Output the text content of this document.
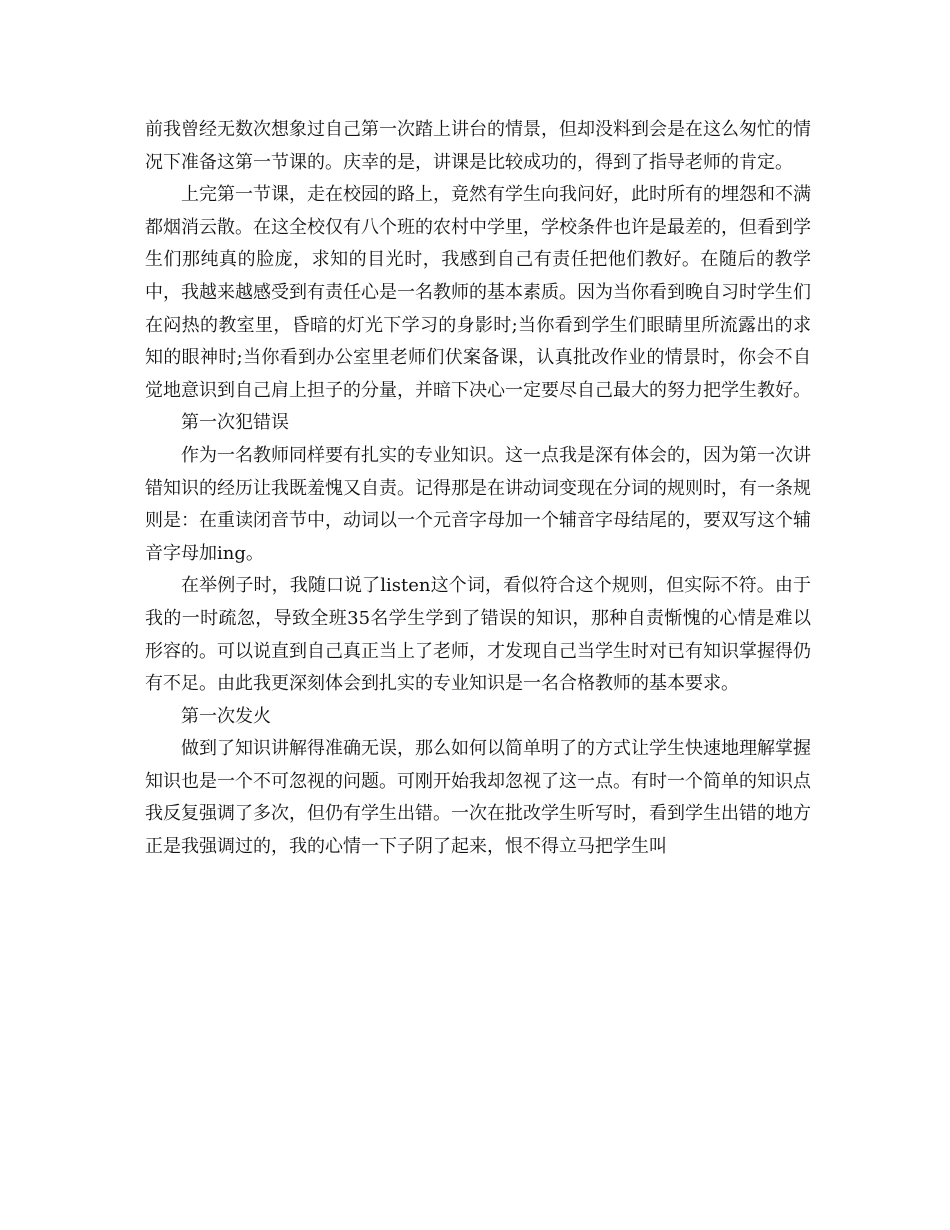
前我曾经无数次想象过自己第一次踏上讲台的情景，但却没料到会是在这么匆忙的情况下准备这第一节课的。庆幸的是，讲课是比较成功的，得到了指导老师的肯定。

上完第一节课，走在校园的路上，竟然有学生向我问好，此时所有的埋怨和不满都烟消云散。在这全校仅有八个班的农村中学里，学校条件也许是最差的，但看到学生们那纯真的脸庞，求知的目光时，我感到自己有责任把他们教好。在随后的教学中，我越来越感受到有责任心是一名教师的基本素质。因为当你看到晚自习时学生们在闷热的教室里，昏暗的灯光下学习的身影时;当你看到学生们眼睛里所流露出的求知的眼神时;当你看到办公室里老师们伏案备课，认真批改作业的情景时，你会不自觉地意识到自己肩上担子的分量，并暗下决心一定要尽自己最大的努力把学生教好。

第一次犯错误

作为一名教师同样要有扎实的专业知识。这一点我是深有体会的，因为第一次讲错知识的经历让我既羞愧又自责。记得那是在讲动词变现在分词的规则时，有一条规则是：在重读闭音节中，动词以一个元音字母加一个辅音字母结尾的，要双写这个辅音字母加ing。

在举例子时，我随口说了listen这个词，看似符合这个规则，但实际不符。由于我的一时疏忽，导致全班35名学生学到了错误的知识，那种自责惭愧的心情是难以形容的。可以说直到自己真正当上了老师，才发现自己当学生时对已有知识掌握得仍有不足。由此我更深刻体会到扎实的专业知识是一名合格教师的基本要求。

第一次发火

做到了知识讲解得准确无误，那么如何以简单明了的方式让学生快速地理解掌握知识也是一个不可忽视的问题。可刚开始我却忽视了这一点。有时一个简单的知识点我反复强调了多次，但仍有学生出错。一次在批改学生听写时，看到学生出错的地方正是我强调过的，我的心情一下子阴了起来，恨不得立马把学生叫
